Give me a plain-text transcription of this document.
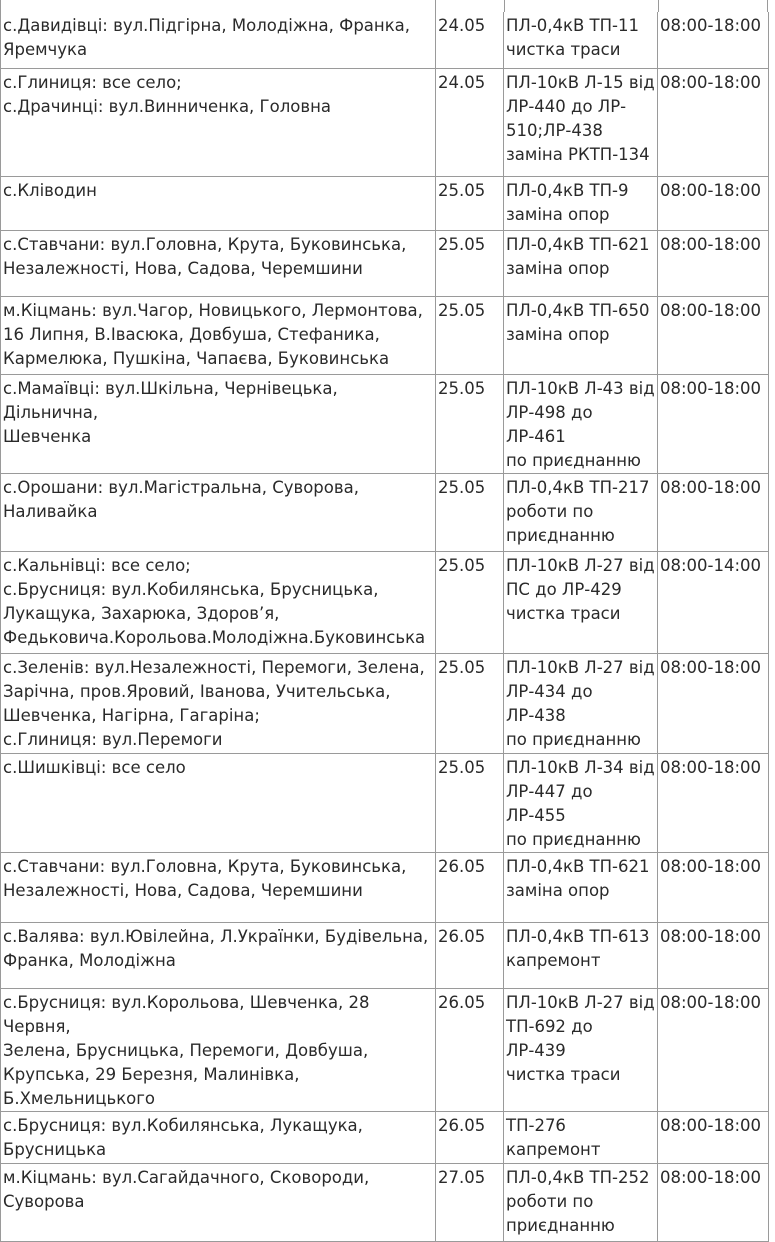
с.Давидівці: вул.Підгірна, Молодіжна, Франка,
Яремчука	24.05	ПЛ-0,4кВ ТП-11
чистка траси	08:00-18:00
с.Глиниця: все село;
с.Драчинці: вул.Винниченка, Головна	24.05	ПЛ-10кВ Л-15 від
ЛР-440 до ЛР-
510;ЛР-438
заміна РКТП-134	08:00-18:00
с.Кліводин	25.05	ПЛ-0,4кВ ТП-9
заміна опор	08:00-18:00
с.Ставчани: вул.Головна, Крута, Буковинська,
Незалежності, Нова, Садова, Черемшини	25.05	ПЛ-0,4кВ ТП-621
заміна опор	08:00-18:00
м.Кіцмань: вул.Чагор, Новицького, Лермонтова,
16 Липня, В.Івасюка, Довбуша, Стефаника,
Кармелюка, Пушкіна, Чапаєва, Буковинська	25.05	ПЛ-0,4кВ ТП-650
заміна опор	08:00-18:00
с.Мамаївці: вул.Шкільна, Чернівецька, Дільнична,
Шевченка	25.05	ПЛ-10кВ Л-43 від
ЛР-498 до ЛР-461
по приєднанню	08:00-18:00
с.Орошани: вул.Магістральна, Суворова,
Наливайка	25.05	ПЛ-0,4кВ ТП-217
роботи по
приєднанню	08:00-18:00
с.Кальнівці: все село;
с.Брусниця: вул.Кобилянська, Брусницька,
Лукащука, Захарюка, Здоров’я,
Федьковича.Корольова.Молодіжна.Буковинська	25.05	ПЛ-10кВ Л-27 від
ПС до ЛР-429
чистка траси	08:00-14:00
с.Зеленів: вул.Незалежності, Перемоги, Зелена,
Зарічна, пров.Яровий, Іванова, Учительська,
Шевченка, Нагірна, Гагаріна;
с.Глиниця: вул.Перемоги	25.05	ПЛ-10кВ Л-27 від
ЛР-434 до ЛР-438
по приєднанню	08:00-18:00
с.Шишківці: все село	25.05	ПЛ-10кВ Л-34 від
ЛР-447 до ЛР-455
по приєднанню	08:00-18:00
с.Ставчани: вул.Головна, Крута, Буковинська,
Незалежності, Нова, Садова, Черемшини	26.05	ПЛ-0,4кВ ТП-621
заміна опор	08:00-18:00
с.Валява: вул.Ювілейна, Л.Українки, Будівельна,
Франка, Молодіжна	26.05	ПЛ-0,4кВ ТП-613
капремонт	08:00-18:00
с.Брусниця: вул.Корольова, Шевченка, 28 Червня,
Зелена, Брусницька, Перемоги, Довбуша,
Крупська, 29 Березня, Малинівка,
Б.Хмельницького	26.05	ПЛ-10кВ Л-27 від
ТП-692 до ЛР-439
чистка траси	08:00-18:00
с.Брусниця: вул.Кобилянська, Лукащука,
Брусницька	26.05	ТП-276
капремонт	08:00-18:00
м.Кіцмань: вул.Сагайдачного, Сковороди,
Суворова	27.05	ПЛ-0,4кВ ТП-252
роботи по
приєднанню	08:00-18:00
